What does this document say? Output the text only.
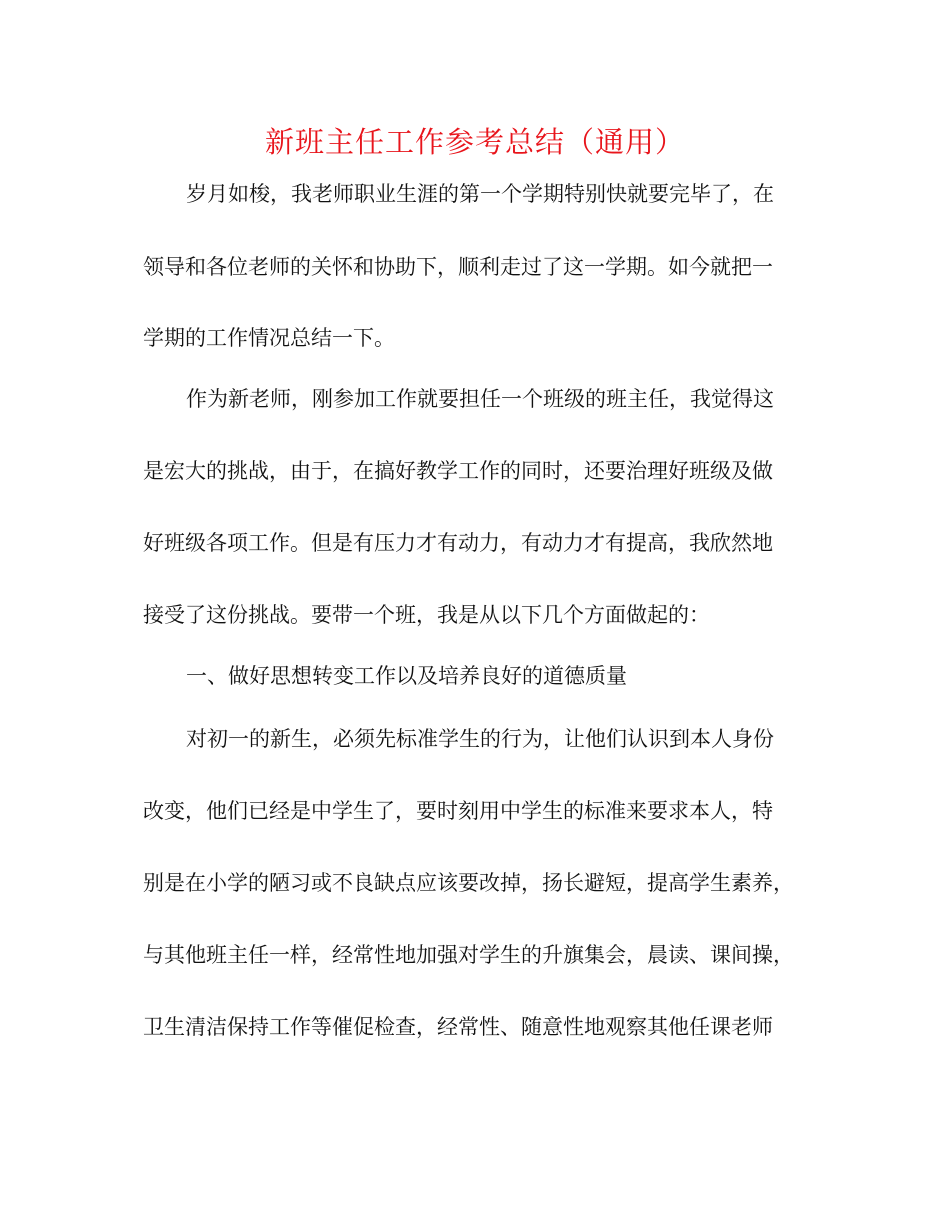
新班主任工作参考总结（通用）
岁月如梭，我老师职业生涯的第一个学期特别快就要完毕了，在
领导和各位老师的关怀和协助下，顺利走过了这一学期。如今就把一
学期的工作情况总结一下。
作为新老师，刚参加工作就要担任一个班级的班主任，我觉得这
是宏大的挑战，由于，在搞好教学工作的同时，还要治理好班级及做
好班级各项工作。但是有压力才有动力，有动力才有提高，我欣然地
接受了这份挑战。要带一个班，我是从以下几个方面做起的：
一、做好思想转变工作以及培养良好的道德质量
对初一的新生，必须先标准学生的行为，让他们认识到本人身份
改变，他们已经是中学生了，要时刻用中学生的标准来要求本人，特
别是在小学的陋习或不良缺点应该要改掉，扬长避短，提高学生素养，
与其他班主任一样，经常性地加强对学生的升旗集会，晨读、课间操，
卫生清洁保持工作等催促检查，经常性、随意性地观察其他任课老师
